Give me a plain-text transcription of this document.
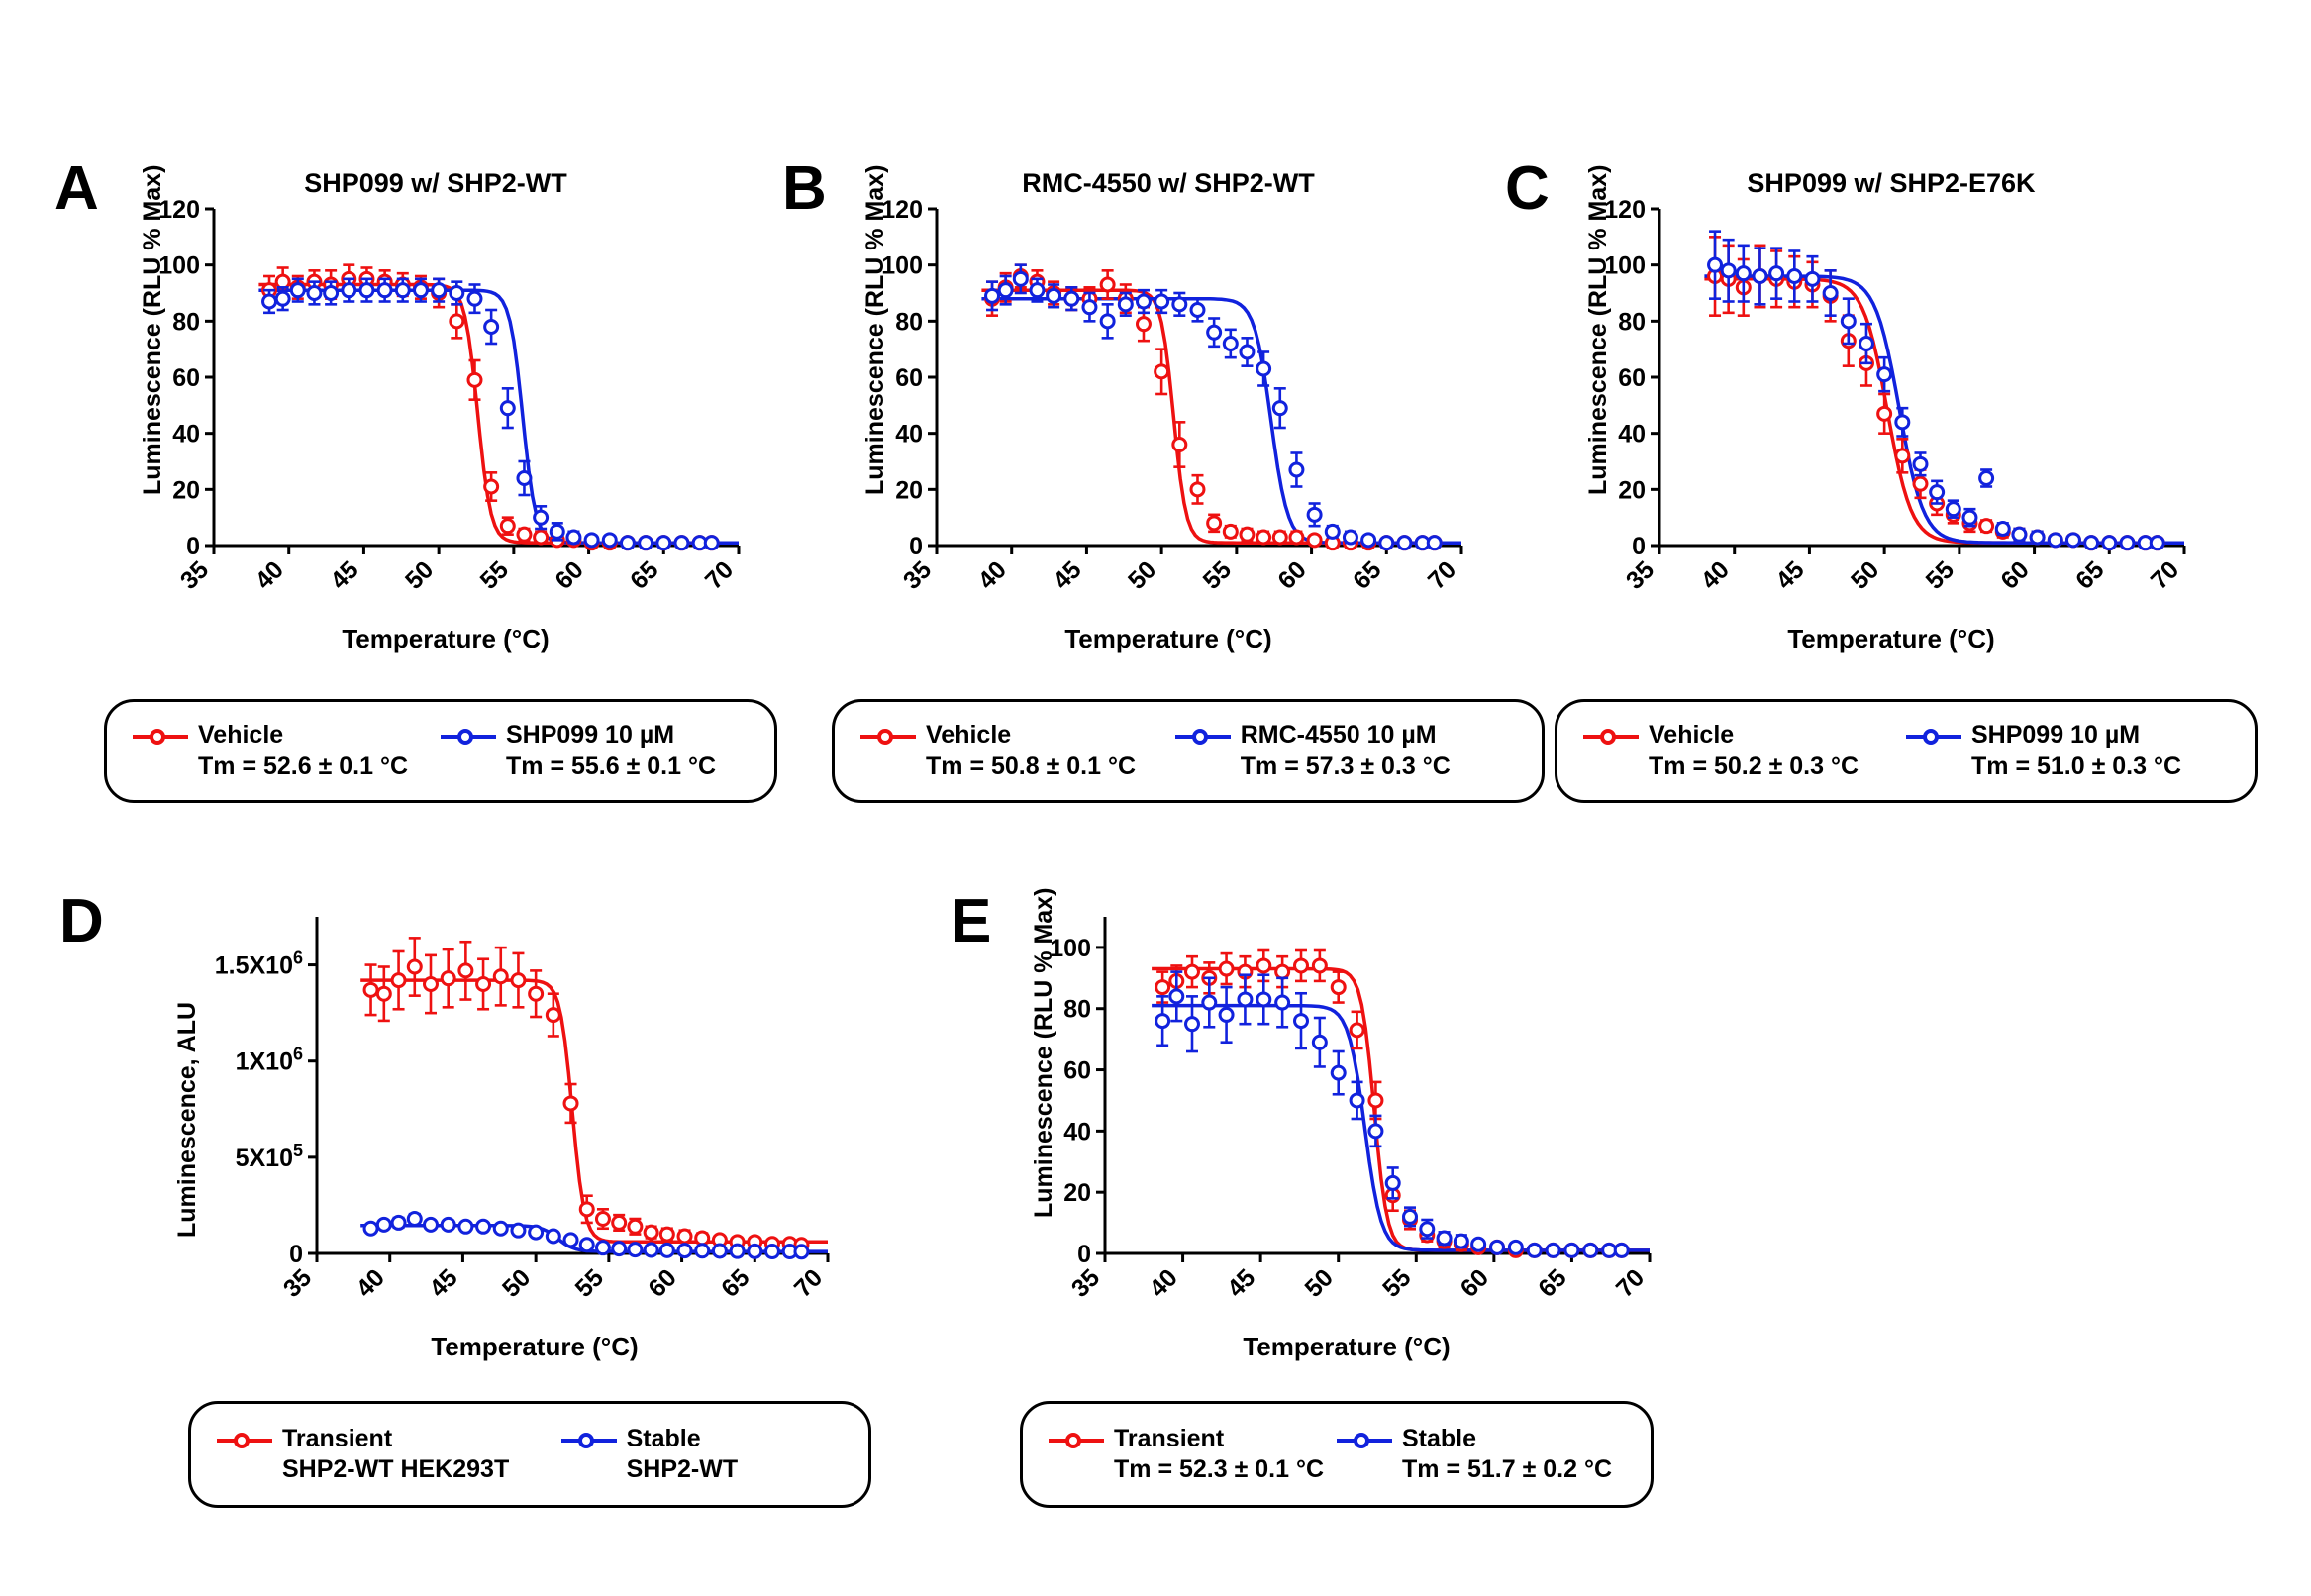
A	SHP099 w/ SHP2-WT
35 40 45 50 55 60 65 70
0
20
40
60
80
100
120
Luminescence (RLU % Max)
Temperature (°C)
Vehicle
Tm = 52.6 ± 0.1 °C
SHP099 10 µM
Tm = 55.6 ± 0.1 °C
B	RMC-4550 w/ SHP2-WT
35 40 45 50 55 60 65 70
0
20
40
60
80
100
120
Luminescence (RLU % Max)
Temperature (°C)
Vehicle
Tm = 50.8 ± 0.1 °C
RMC-4550 10 µM
Tm = 57.3 ± 0.3 °C
C	SHP099 w/ SHP2-E76K
35 40 45 50 55 60 65 70
0
20
40
60
80
100
120
Luminescence (RLU % Max)
Temperature (°C)
Vehicle
Tm = 50.2 ± 0.3 °C
SHP099 10 µM
Tm = 51.0 ± 0.3 °C
D
35 40 45 50 55 60 65 70
0
$5X10^5$
$1X10^6$
$1.5X10^6$
Luminescence, ALU
Temperature (°C)
Transient
SHP2-WT HEK293T
Stable
SHP2-WT
E
35 40 45 50 55 60 65 70
0
20
40
60
80
100
Luminescence (RLU % Max)
Temperature (°C)
Transient
Tm = 52.3 ± 0.1 °C
Stable
Tm = 51.7 ± 0.2 °C
